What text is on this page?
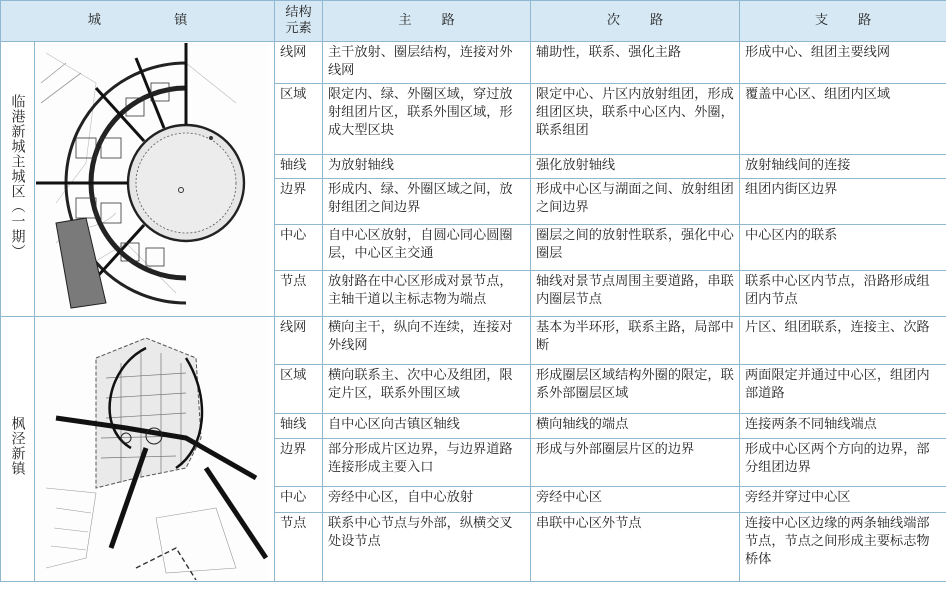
城　镇		结构元素	主路	次路	支路
临港新城主城区（一期）		线网	主干放射、圈层结构，连接对外线网	辅助性，联系、强化主路	形成中心、组团主要线网
		区域	限定内、绿、外圈区域，穿过放射组团片区，联系外围区域，形成大型区块	限定中心、片区内放射组团，形成组团区块，联系中心区内、外圈，联系组团	覆盖中心区、组团内区域
		轴线	为放射轴线	强化放射轴线	放射轴线间的连接
		边界	形成内、绿、外圈区域之间，放射组团之间边界	形成中心区与湖面之间、放射组团之间边界	组团内街区边界
		中心	自中心区放射，自圆心同心圆圈层，中心区主交通	圈层之间的放射性联系，强化中心圈层	中心区内的联系
		节点	放射路在中心区形成对景节点，主轴干道以主标志物为端点	轴线对景节点周围主要道路，串联内圈层节点	联系中心区内节点，沿路形成组团内节点
枫泾新镇		线网	横向主干，纵向不连续，连接对外线网	基本为半环形，联系主路，局部中断	片区、组团联系，连接主、次路
		区域	横向联系主、次中心及组团，限定片区，联系外围区域	形成圈层区域结构外圈的限定，联系外部圈层区域	两面限定并通过中心区，组团内部道路
		轴线	自中心区向古镇区轴线	横向轴线的端点	连接两条不同轴线端点
		边界	部分形成片区边界，与边界道路连接形成主要入口	形成与外部圈层片区的边界	形成中心区两个方向的边界，部分组团边界
		中心	旁经中心区，自中心放射	旁经中心区	旁经并穿过中心区
		节点	联系中心节点与外部，纵横交叉处设节点	串联中心区外节点	连接中心区边缘的两条轴线端部节点，节点之间形成主要标志物桥体
